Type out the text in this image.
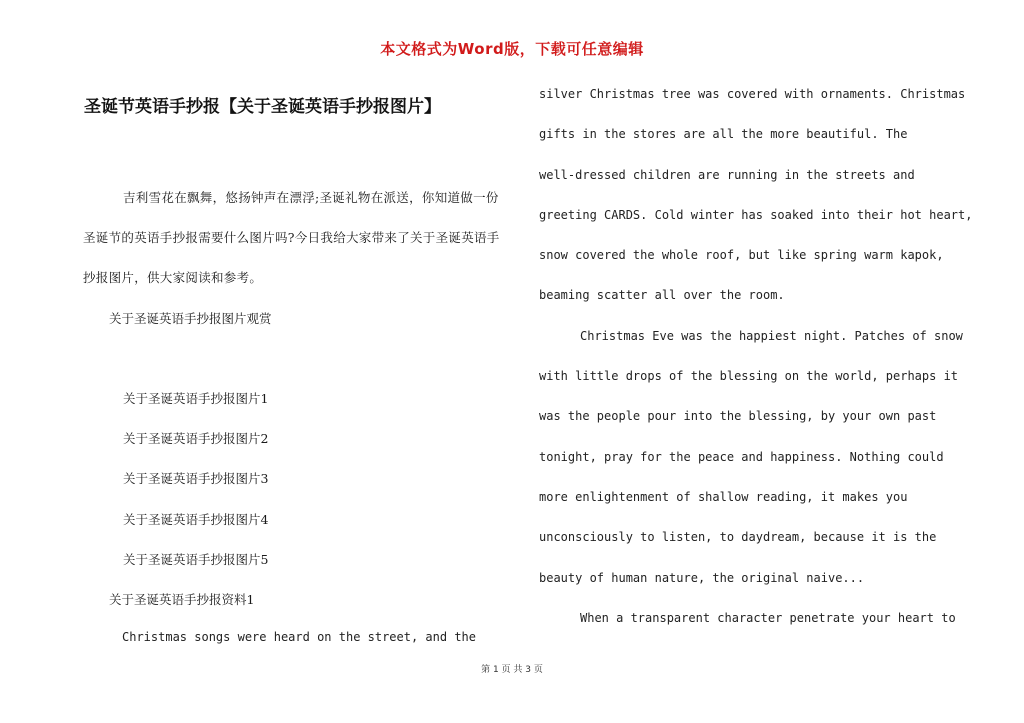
本文格式为Word版，下载可任意编辑
圣诞节英语手抄报【关于圣诞英语手抄报图片】

吉利雪花在飘舞，悠扬钟声在漂浮;圣诞礼物在派送，你知道做一份圣诞节的英语手抄报需要什么图片吗?今日我给大家带来了关于圣诞英语手抄报图片，供大家阅读和参考。

关于圣诞英语手抄报图片观赏
关于圣诞英语手抄报图片1
关于圣诞英语手抄报图片2
关于圣诞英语手抄报图片3
关于圣诞英语手抄报图片4
关于圣诞英语手抄报图片5
关于圣诞英语手抄报资料1
Christmas songs were heard on the street, and the
silver Christmas tree was covered with ornaments. Christmas
gifts in the stores are all the more beautiful. The
well-dressed children are running in the streets and
greeting CARDS. Cold winter has soaked into their hot heart,
snow covered the whole roof, but like spring warm kapok,
beaming scatter all over the room.
Christmas Eve was the happiest night. Patches of snow
with little drops of the blessing on the world, perhaps it
was the people pour into the blessing, by your own past
tonight, pray for the peace and happiness. Nothing could
more enlightenment of shallow reading, it makes you
unconsciously to listen, to daydream, because it is the
beauty of human nature, the original naive...
When a transparent character penetrate your heart to
第 1 页 共 3 页
